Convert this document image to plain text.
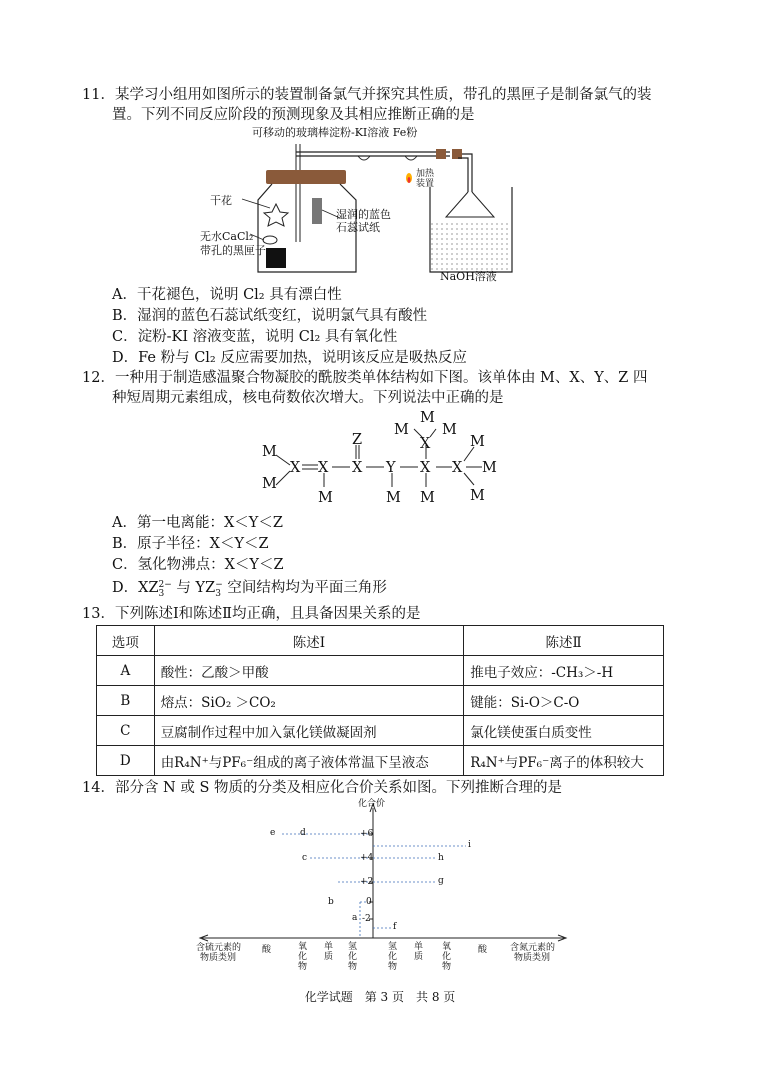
11．某学习小组用如图所示的装置制备氯气并探究其性质，带孔的黑匣子是制备氯气的装
置。下列不同反应阶段的预测现象及其相应推断正确的是
可移动的玻璃棒淀粉-KI溶液 Fe粉
加热
装置
干花
湿润的蓝色
石蕊试纸
无水CaCl₂
带孔的黑匣子
NaOH溶液
A．干花褪色，说明 Cl₂ 具有漂白性
B．湿润的蓝色石蕊试纸变红，说明氯气具有酸性
C．淀粉-KI 溶液变蓝，说明 Cl₂ 具有氧化性
D．Fe 粉与 Cl₂ 反应需要加热，说明该反应是吸热反应
12．一种用于制造感温聚合物凝胶的酰胺类单体结构如下图。该单体由 M、X、Y、Z 四
种短周期元素组成，核电荷数依次增大。下列说法中正确的是
M
M
X X
M
Z
X Y
M
M
M M
X
X
M
X
M
M
M
A．第一电离能：X＜Y＜Z
B．原子半径：X＜Y＜Z
C．氢化物沸点：X＜Y＜Z
D．XZ 2−
3 与 YZ −
3 空间结构均为平面三角形
13．下列陈述Ⅰ和陈述Ⅱ均正确，且具备因果关系的是
选项	陈述Ⅰ	陈述Ⅱ
A	酸性：乙酸＞甲酸	推电子效应：-CH₃＞-H
B	熔点：SiO₂ ＞CO₂	键能：Si-O＞C-O
C	豆腐制作过程中加入氯化镁做凝固剂	氯化镁使蛋白质变性
D	由R₄N⁺与PF₆⁻组成的离子液体常温下呈液态	R₄N⁺与PF₆⁻离子的体积较大
14．部分含 N 或 S 物质的分类及相应化合价关系如图。下列推断合理的是
化合价
+6
+4
+2
0
-2
e	d
c
b
a
i
h
g
f
含硫元素的
物质类别
含氮元素的
物质类别
酸	氧化物
单质
氢化物
氢化物
单质
氧化物
酸
化学试题　第 3 页　共 8 页
